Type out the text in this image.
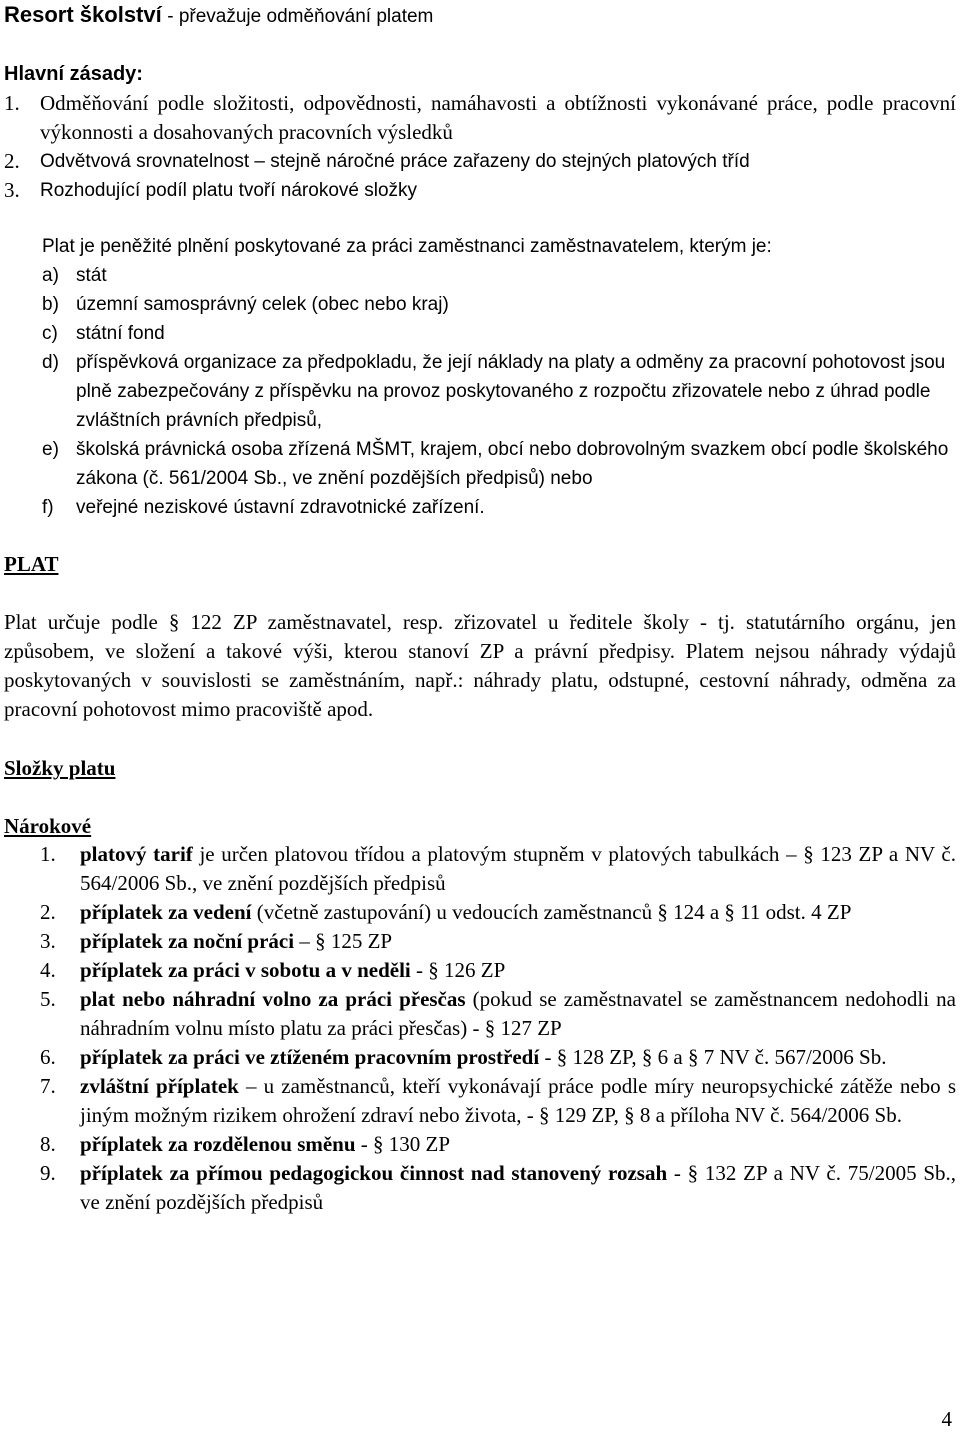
Resort školství - převažuje odměňování platem
Hlavní zásady:
1. Odměňování podle složitosti, odpovědnosti, namáhavosti a obtížnosti vykonávané práce, podle pracovní výkonnosti a dosahovaných pracovních výsledků
2.	Odvětvová srovnatelnost – stejně náročné práce zařazeny do stejných platových tříd
3.	Rozhodující podíl platu tvoří nárokové složky
Plat je peněžité plnění poskytované za práci zaměstnanci zaměstnavatelem, kterým je:
a) stát
b) územní samosprávný celek (obec nebo kraj)
c) státní fond
d) příspěvková organizace za předpokladu, že její náklady na platy a odměny za pracovní pohotovost jsou plně zabezpečovány z příspěvku na provoz poskytovaného z rozpočtu zřizovatele nebo z úhrad podle zvláštních právních předpisů,
e) školská právnická osoba zřízená MŠMT, krajem, obcí nebo dobrovolným svazkem obcí podle školského zákona (č. 561/2004 Sb., ve znění pozdějších předpisů) nebo
f)	veřejné neziskové ústavní zdravotnické zařízení.
PLAT
Plat určuje podle § 122 ZP zaměstnavatel, resp. zřizovatel u ředitele školy - tj. statutárního orgánu, jen způsobem, ve složení a takové výši, kterou stanoví ZP a právní předpisy. Platem nejsou náhrady výdajů poskytovaných v souvislosti se zaměstnáním, např.: náhrady platu, odstupné, cestovní náhrady, odměna za pracovní pohotovost mimo pracoviště apod.
Složky platu
Nárokové
1.	platový tarif je určen platovou třídou a platovým stupněm v platových tabulkách – § 123 ZP a NV č. 564/2006 Sb., ve znění pozdějších předpisů
2.	příplatek za vedení (včetně zastupování) u vedoucích zaměstnanců § 124 a § 11 odst. 4 ZP
3.	příplatek za noční práci – § 125 ZP
4.	příplatek za práci v sobotu a v neděli - § 126 ZP
5.	plat nebo náhradní volno za práci přesčas (pokud se zaměstnavatel se zaměstnancem nedohodli na náhradním volnu místo platu za práci přesčas) - § 127 ZP
6.	příplatek za práci ve ztíženém pracovním prostředí - § 128 ZP, § 6 a § 7 NV č. 567/2006 Sb.
7.	zvláštní příplatek – u zaměstnanců, kteří vykonávají práce podle míry neuropsychické zátěže nebo s jiným možným rizikem ohrožení zdraví nebo života, - § 129 ZP, § 8 a příloha NV č. 564/2006 Sb.
8.	příplatek za rozdělenou směnu - § 130 ZP
9.	příplatek za přímou pedagogickou činnost nad stanovený rozsah - § 132 ZP a NV č. 75/2005 Sb., ve znění pozdějších předpisů
4
